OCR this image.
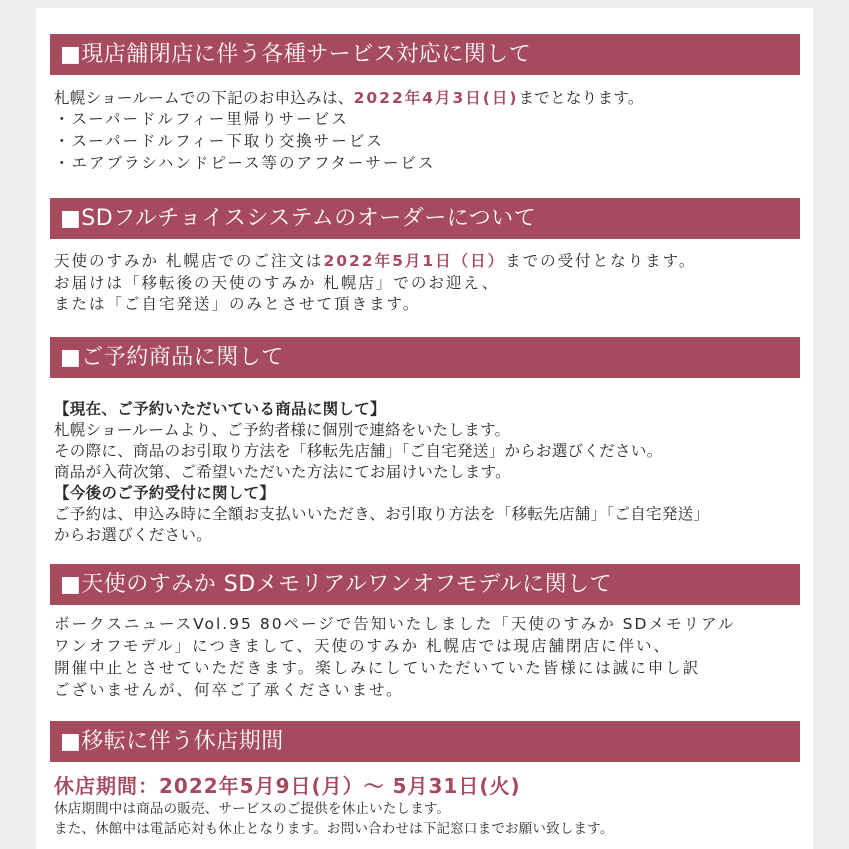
■現店舗閉店に伴う各種サービス対応に関して
札幌ショールームでの下記のお申込みは、2022年4月3日(日)までとなります。
・スーパードルフィー里帰りサービス
・スーパードルフィー下取り交換サービス
・エアブラシハンドピース等のアフターサービス
■SDフルチョイスシステムのオーダーについて
天使のすみか 札幌店でのご注文は2022年5月1日（日）までの受付となります。
お届けは「移転後の天使のすみか 札幌店」でのお迎え、
または「ご自宅発送」のみとさせて頂きます。
■ご予約商品に関して
【現在、ご予約いただいている商品に関して】
札幌ショールームより、ご予約者様に個別で連絡をいたします。
その際に、商品のお引取り方法を「移転先店舗」「ご自宅発送」からお選びください。
商品が入荷次第、ご希望いただいた方法にてお届けいたします。
【今後のご予約受付に関して】
ご予約は、申込み時に全額お支払いいただき、お引取り方法を「移転先店舗」「ご自宅発送」
からお選びください。
■天使のすみか SDメモリアルワンオフモデルに関して
ボークスニュースVol.95 80ページで告知いたしました「天使のすみか SDメモリアル
ワンオフモデル」につきまして、天使のすみか 札幌店では現店舗閉店に伴い、
開催中止とさせていただきます。楽しみにしていただいていた皆様には誠に申し訳
ございませんが、何卒ご了承くださいませ。
■移転に伴う休店期間
休店期間：2022年5月9日(月）～ 5月31日(火)
休店期間中は商品の販売、サービスのご提供を休止いたします。
また、休館中は電話応対も休止となります。お問い合わせは下記窓口までお願い致します。
